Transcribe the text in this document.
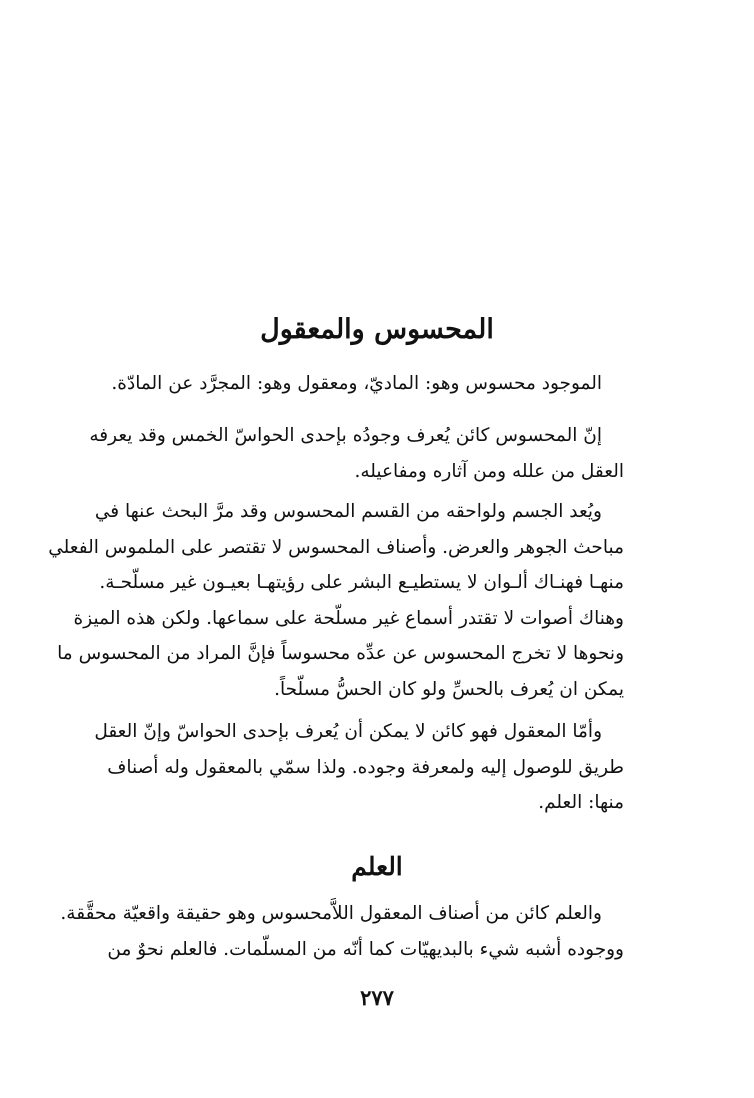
المحسوس والمعقول

الموجود محسوس وهو: الماديّ، ومعقول وهو: المجرَّد عن المادّة.

إنّ المحسوس كائن يُعرف وجودُه بإحدى الحواسّ الخمس وقد يعرفه
العقل من علله ومن آثاره ومفاعيله.

ويُعد الجسم ولواحقه من القسم المحسوس وقد مرَّ البحث عنها في
مباحث الجوهر والعرض. وأصناف المحسوس لا تقتصر على الملموس الفعلي
منهـا فهنـاك ألـوان لا يستطيـع البشر على رؤيتهـا بعيـون غير مسلّحـة.
وهناك أصوات لا تقتدر أسماع غير مسلّحة على سماعها. ولكن هذه الميزة
ونحوها لا تخرج المحسوس عن عدِّه محسوساً فإنَّ المراد من المحسوس ما
يمكن ان يُعرف بالحسِّ ولو كان الحسُّ مسلّحاً.

وأمّا المعقول فهو كائن لا يمكن أن يُعرف بإحدى الحواسّ وإنّ العقل
طريق للوصول إليه ولمعرفة وجوده. ولذا سمّي بالمعقول وله أصناف
منها: العلم.

العلم

والعلم كائن من أصناف المعقول اللاَّمحسوس وهو حقيقة واقعيّة محقَّقة.
ووجوده أشبه شيء بالبديهيّات كما أنّه من المسلّمات. فالعلم نحوٌ من

٢٧٧
